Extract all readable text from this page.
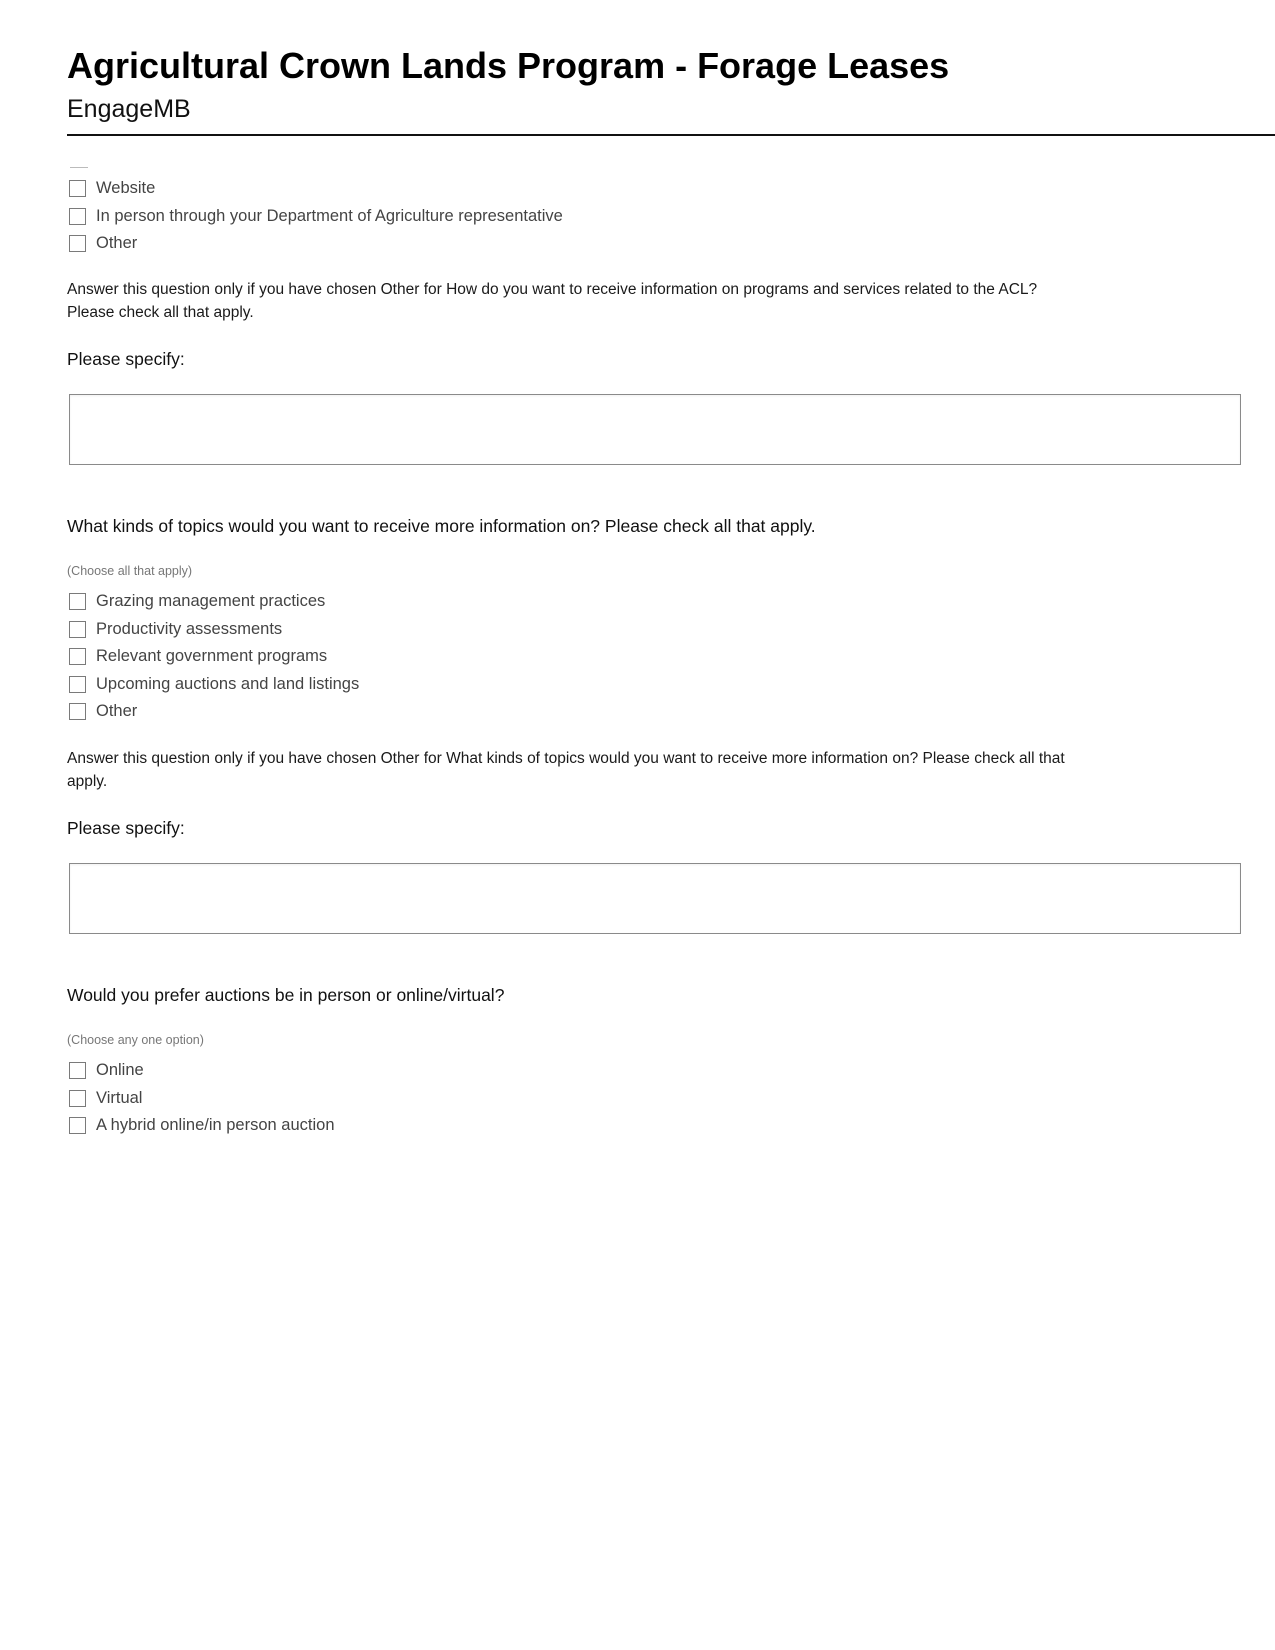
Agricultural Crown Lands Program - Forage Leases
EngageMB
Website
In person through your Department of Agriculture representative
Other
Answer this question only if you have chosen Other for How do you want to receive information on programs and services related to the ACL?
Please check all that apply.
Please specify:
What kinds of topics would you want to receive more information on? Please check all that apply.
(Choose all that apply)
Grazing management practices
Productivity assessments
Relevant government programs
Upcoming auctions and land listings
Other
Answer this question only if you have chosen Other for What kinds of topics would you want to receive more information on? Please check all that
apply.
Please specify:
Would you prefer auctions be in person or online/virtual?
(Choose any one option)
Online
Virtual
A hybrid online/in person auction
